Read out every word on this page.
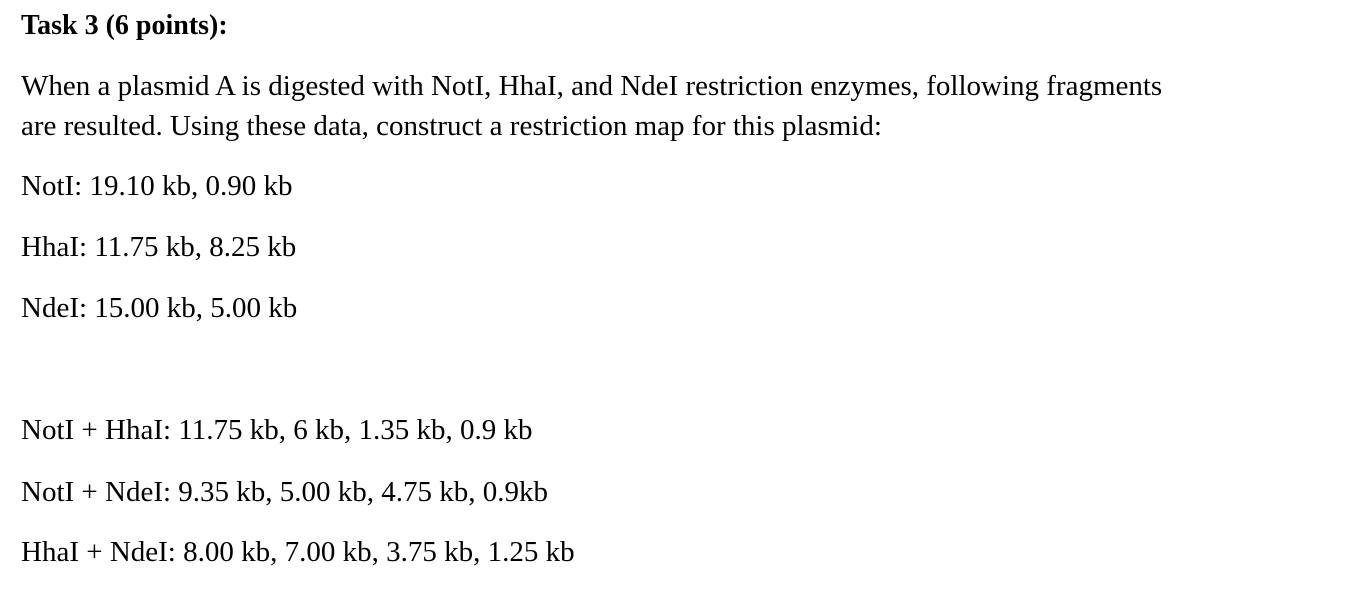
Task 3 (6 points):
When a plasmid A is digested with NotI, HhaI, and NdeI restriction enzymes, following fragments
are resulted. Using these data, construct a restriction map for this plasmid:
NotI: 19.10 kb, 0.90 kb
HhaI: 11.75 kb, 8.25 kb
NdeI: 15.00 kb, 5.00 kb
NotI + HhaI: 11.75 kb, 6 kb, 1.35 kb, 0.9 kb
NotI + NdeI: 9.35 kb, 5.00 kb, 4.75 kb, 0.9kb
HhaI + NdeI: 8.00 kb, 7.00 kb, 3.75 kb, 1.25 kb
